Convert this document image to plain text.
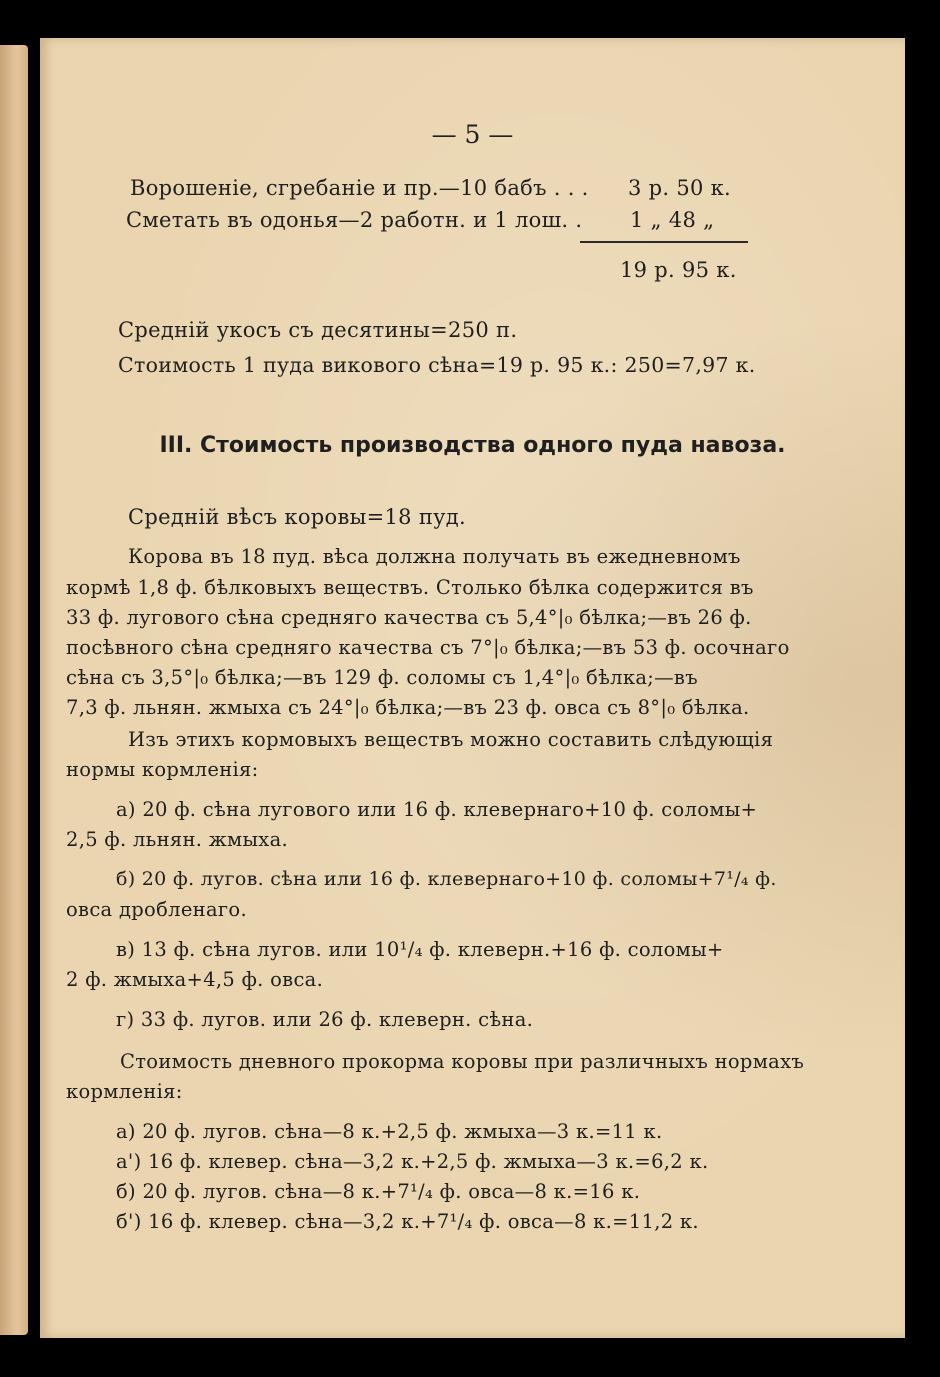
— 5 —
Ворошеніе, сгребаніе и пр.—10 бабъ . . . 3 р. 50 к.
Сметать въ одонья—2 работн. и 1 лош. . 1 „ 48 „
19 р. 95 к.
Средній укосъ съ десятины=250 п.
Стоимость 1 пуда викового сѣна=19 р. 95 к.: 250=7,97 к.
III. Стоимость производства одного пуда навоза.
Средній вѣсъ коровы=18 пуд.
Корова въ 18 пуд. вѣса должна получать въ ежедневномъ
кормѣ 1,8 ф. бѣлковыхъ веществъ. Столько бѣлка содержится въ
33 ф. лугового сѣна средняго качества съ 5,4°|₀ бѣлка;—въ 26 ф.
посѣвного сѣна средняго качества съ 7°|₀ бѣлка;—въ 53 ф. осочнаго
сѣна съ 3,5°|₀ бѣлка;—въ 129 ф. соломы съ 1,4°|₀ бѣлка;—въ
7,3 ф. льнян. жмыха съ 24°|₀ бѣлка;—въ 23 ф. овса съ 8°|₀ бѣлка.
Изъ этихъ кормовыхъ веществъ можно составить слѣдующія
нормы кормленія:
а) 20 ф. сѣна лугового или 16 ф. клевернаго+10 ф. соломы+
2,5 ф. льнян. жмыха.
б) 20 ф. лугов. сѣна или 16 ф. клевернаго+10 ф. соломы+7¹/₄ ф.
овса дробленаго.
в) 13 ф. сѣна лугов. или 10¹/₄ ф. клеверн.+16 ф. соломы+
2 ф. жмыха+4,5 ф. овса.
г) 33 ф. лугов. или 26 ф. клеверн. сѣна.
Стоимость дневного прокорма коровы при различныхъ нормахъ
кормленія:
а) 20 ф. лугов. сѣна—8 к.+2,5 ф. жмыха—3 к.=11 к.
а') 16 ф. клевер. сѣна—3,2 к.+2,5 ф. жмыха—3 к.=6,2 к.
б) 20 ф. лугов. сѣна—8 к.+7¹/₄ ф. овса—8 к.=16 к.
б') 16 ф. клевер. сѣна—3,2 к.+7¹/₄ ф. овса—8 к.=11,2 к.
